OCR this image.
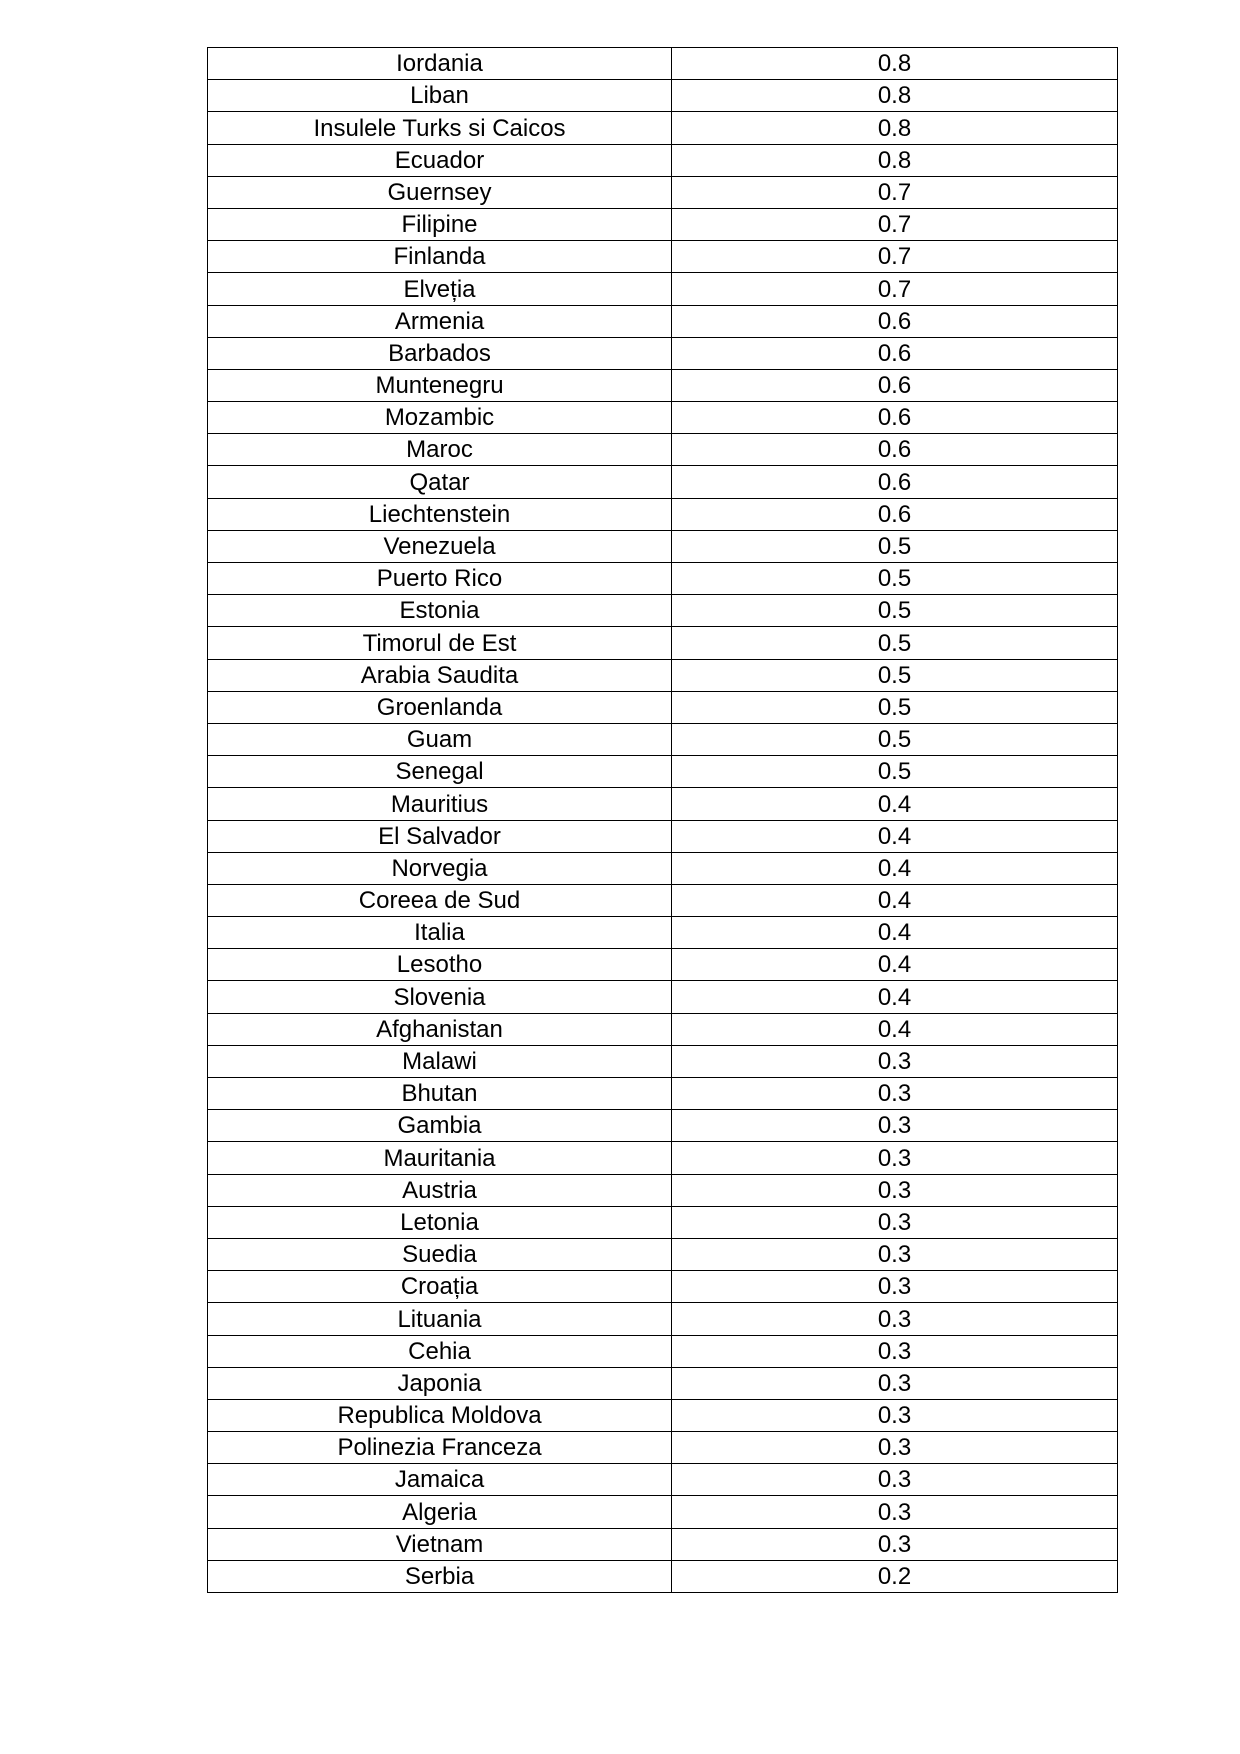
Iordania	0.8
Liban	0.8
Insulele Turks si Caicos	0.8
Ecuador	0.8
Guernsey	0.7
Filipine	0.7
Finlanda	0.7
Elveția	0.7
Armenia	0.6
Barbados	0.6
Muntenegru	0.6
Mozambic	0.6
Maroc	0.6
Qatar	0.6
Liechtenstein	0.6
Venezuela	0.5
Puerto Rico	0.5
Estonia	0.5
Timorul de Est	0.5
Arabia Saudita	0.5
Groenlanda	0.5
Guam	0.5
Senegal	0.5
Mauritius	0.4
El Salvador	0.4
Norvegia	0.4
Coreea de Sud	0.4
Italia	0.4
Lesotho	0.4
Slovenia	0.4
Afghanistan	0.4
Malawi	0.3
Bhutan	0.3
Gambia	0.3
Mauritania	0.3
Austria	0.3
Letonia	0.3
Suedia	0.3
Croația	0.3
Lituania	0.3
Cehia	0.3
Japonia	0.3
Republica Moldova	0.3
Polinezia Franceza	0.3
Jamaica	0.3
Algeria	0.3
Vietnam	0.3
Serbia	0.2
